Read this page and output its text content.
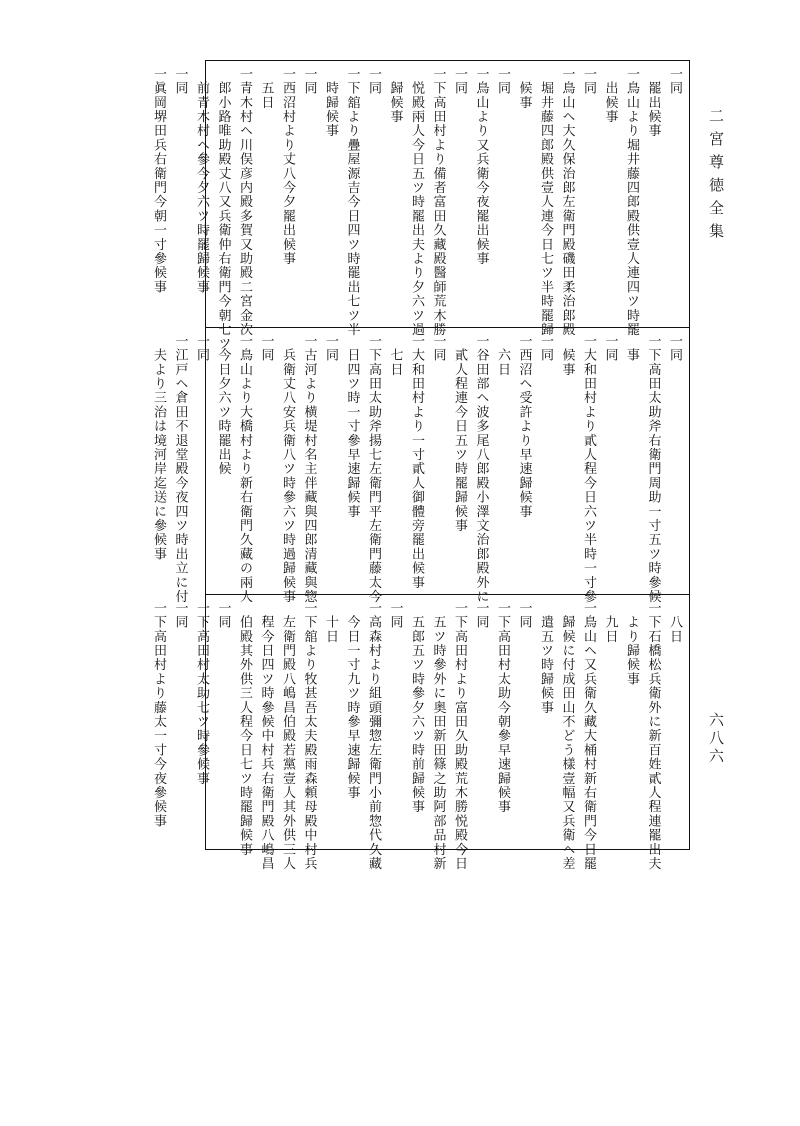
二宮尊徳全集
六八六
一同
　罷出候事
一鳥山より堀井藤四郎殿供壹人連四ツ時罷
　出候事
一同
一鳥山ヘ大久保治郎左衛門殿磯田柔治郎殿
　堀井藤四郎殿供壹人連今日七ツ半時罷歸
　候事
一同
一鳥山より又兵衛今夜罷出候事
一同
一下高田村より備者富田久藏殿醫師荒木勝
　悦殿兩人今日五ツ時罷出夫より夕六ツ過
　歸候事
一同
一下舘より疊屋源吉今日四ツ時罷出七ツ半
　時歸候事
一同
一西沼村より丈八今夕罷出候事
　五日
一青木村ヘ川俣彦内殿多賀又助殿二宮金次
　郎小路唯助殿丈八又兵衛仲右衛門今朝七ツ
　前青木村ヘ參今夕六ツ時罷歸候事
一同
一眞岡堺田兵右衛門今朝一寸參候事
一同
一下高田太助斧右衛門周助一寸五ツ時參候
　事
一同
一大和田村より貳人程今日六ツ半時一寸參
　候事
一同
一西沼ヘ受許より早速歸候事
　六日
一谷田部ヘ波多尾八郎殿小澤文治郎殿外に
　貳人程連今日五ツ時罷歸候事
一同
一大和田村より一寸貳人御體旁罷出候事
　七日
一下高田太助斧揚七左衛門平左衛門藤太今
　日四ツ時一寸參早速歸候事
一同
一古河より横堤村名主伴藏與四郎清藏與惣
　兵衛丈八安兵衛八ツ時參六ツ時過歸候事
一同
一鳥山より大橋村より新右衛門久藏の兩人
　今日夕六ツ時罷出候
一同
一江戸ヘ倉田不退堂殿今夜四ツ時出立に付
　夫より三治は境河岸迄送に參候事
　八日
一下石橋松兵衛外に新百姓貳人程連罷出夫
　より歸候事
　九日
一鳥山ヘ又兵衛久藏大桶村新右衛門今日罷
　歸候に付成田山不どう樣壹幅又兵衛ヘ差
　遣五ツ時歸候事
一同
一下高田村太助今朝參早速歸候事
一同
一下高田村より富田久助殿荒木勝悦殿今日
　五ツ時參外に奥田新田篠之助阿部品村新
　五郎五ツ時參夕六ツ時前歸候事
一同
一高森村より組頭彌惣左衛門小前惣代久藏
　今日一寸九ツ時參早速歸候事
　十日
一下舘より牧甚吾太夫殿雨森頼母殿中村兵
　左衛門殿八嶋昌伯殿若黨壹人其外供三人
　程今日四ツ時參候中村兵右衛門殿八嶋昌
　伯殿其外供三人程今日七ツ時罷歸候事
一同
一下高田村太助七ツ時參候事
一同
一下高田村より藤太一寸今夜參候事
